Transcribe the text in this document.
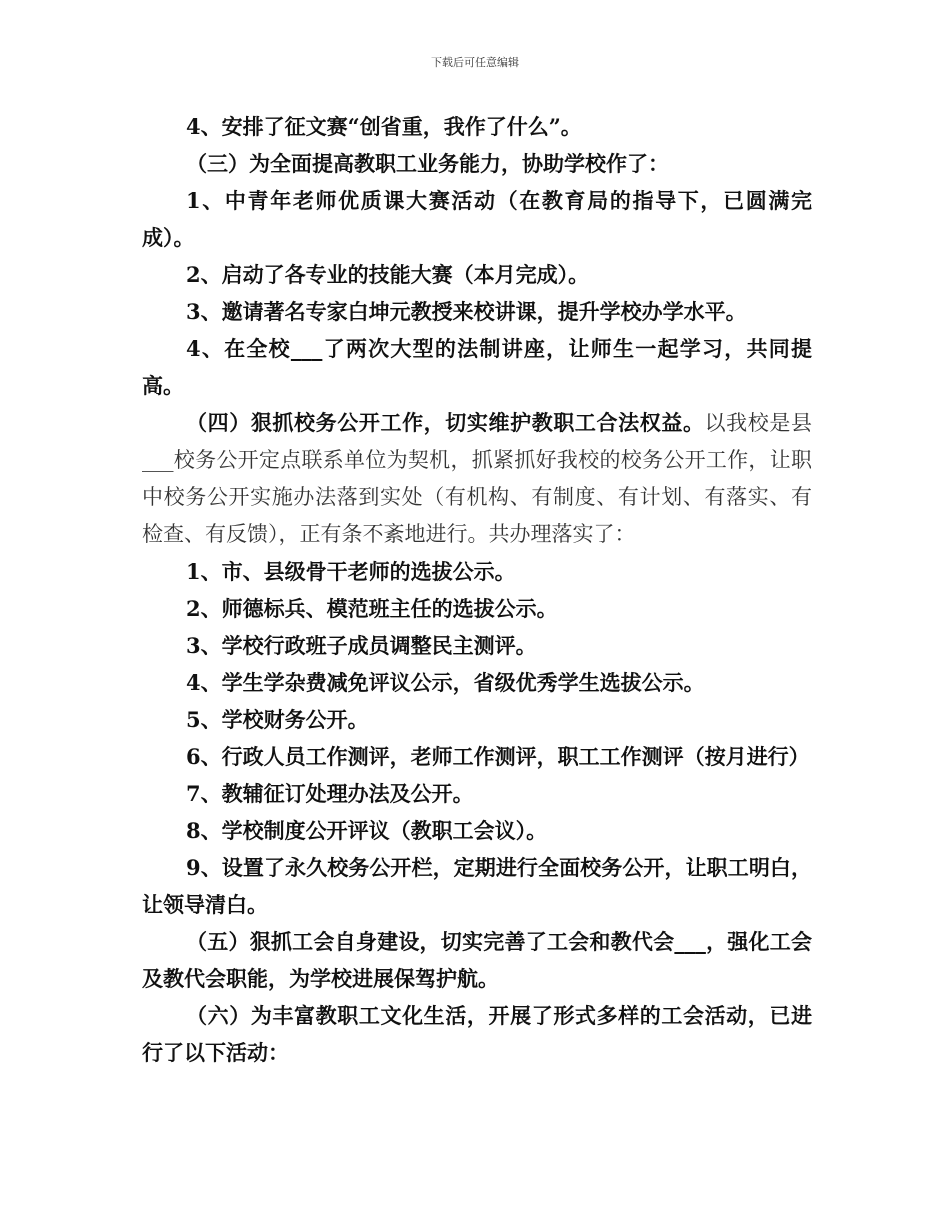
下载后可任意编辑

4、安排了征文赛“创省重，我作了什么”。

（三）为全面提高教职工业务能力，协助学校作了：

1、中青年老师优质课大赛活动（在教育局的指导下，已圆满完成）。

2、启动了各专业的技能大赛（本月完成）。

3、邀请著名专家白坤元教授来校讲课，提升学校办学水平。

4、在全校___了两次大型的法制讲座，让师生一起学习，共同提高。

（四）狠抓校务公开工作，切实维护教职工合法权益。以我校是县___校务公开定点联系单位为契机，抓紧抓好我校的校务公开工作，让职中校务公开实施办法落到实处（有机构、有制度、有计划、有落实、有检查、有反馈），正有条不紊地进行。共办理落实了：

1、市、县级骨干老师的选拔公示。

2、师德标兵、模范班主任的选拔公示。

3、学校行政班子成员调整民主测评。

4、学生学杂费减免评议公示，省级优秀学生选拔公示。

5、学校财务公开。

6、行政人员工作测评，老师工作测评，职工工作测评（按月进行）

7、教辅征订处理办法及公开。

8、学校制度公开评议（教职工会议）。

9、设置了永久校务公开栏，定期进行全面校务公开，让职工明白，让领导清白。

（五）狠抓工会自身建设，切实完善了工会和教代会___，强化工会及教代会职能，为学校进展保驾护航。

（六）为丰富教职工文化生活，开展了形式多样的工会活动，已进行了以下活动：
